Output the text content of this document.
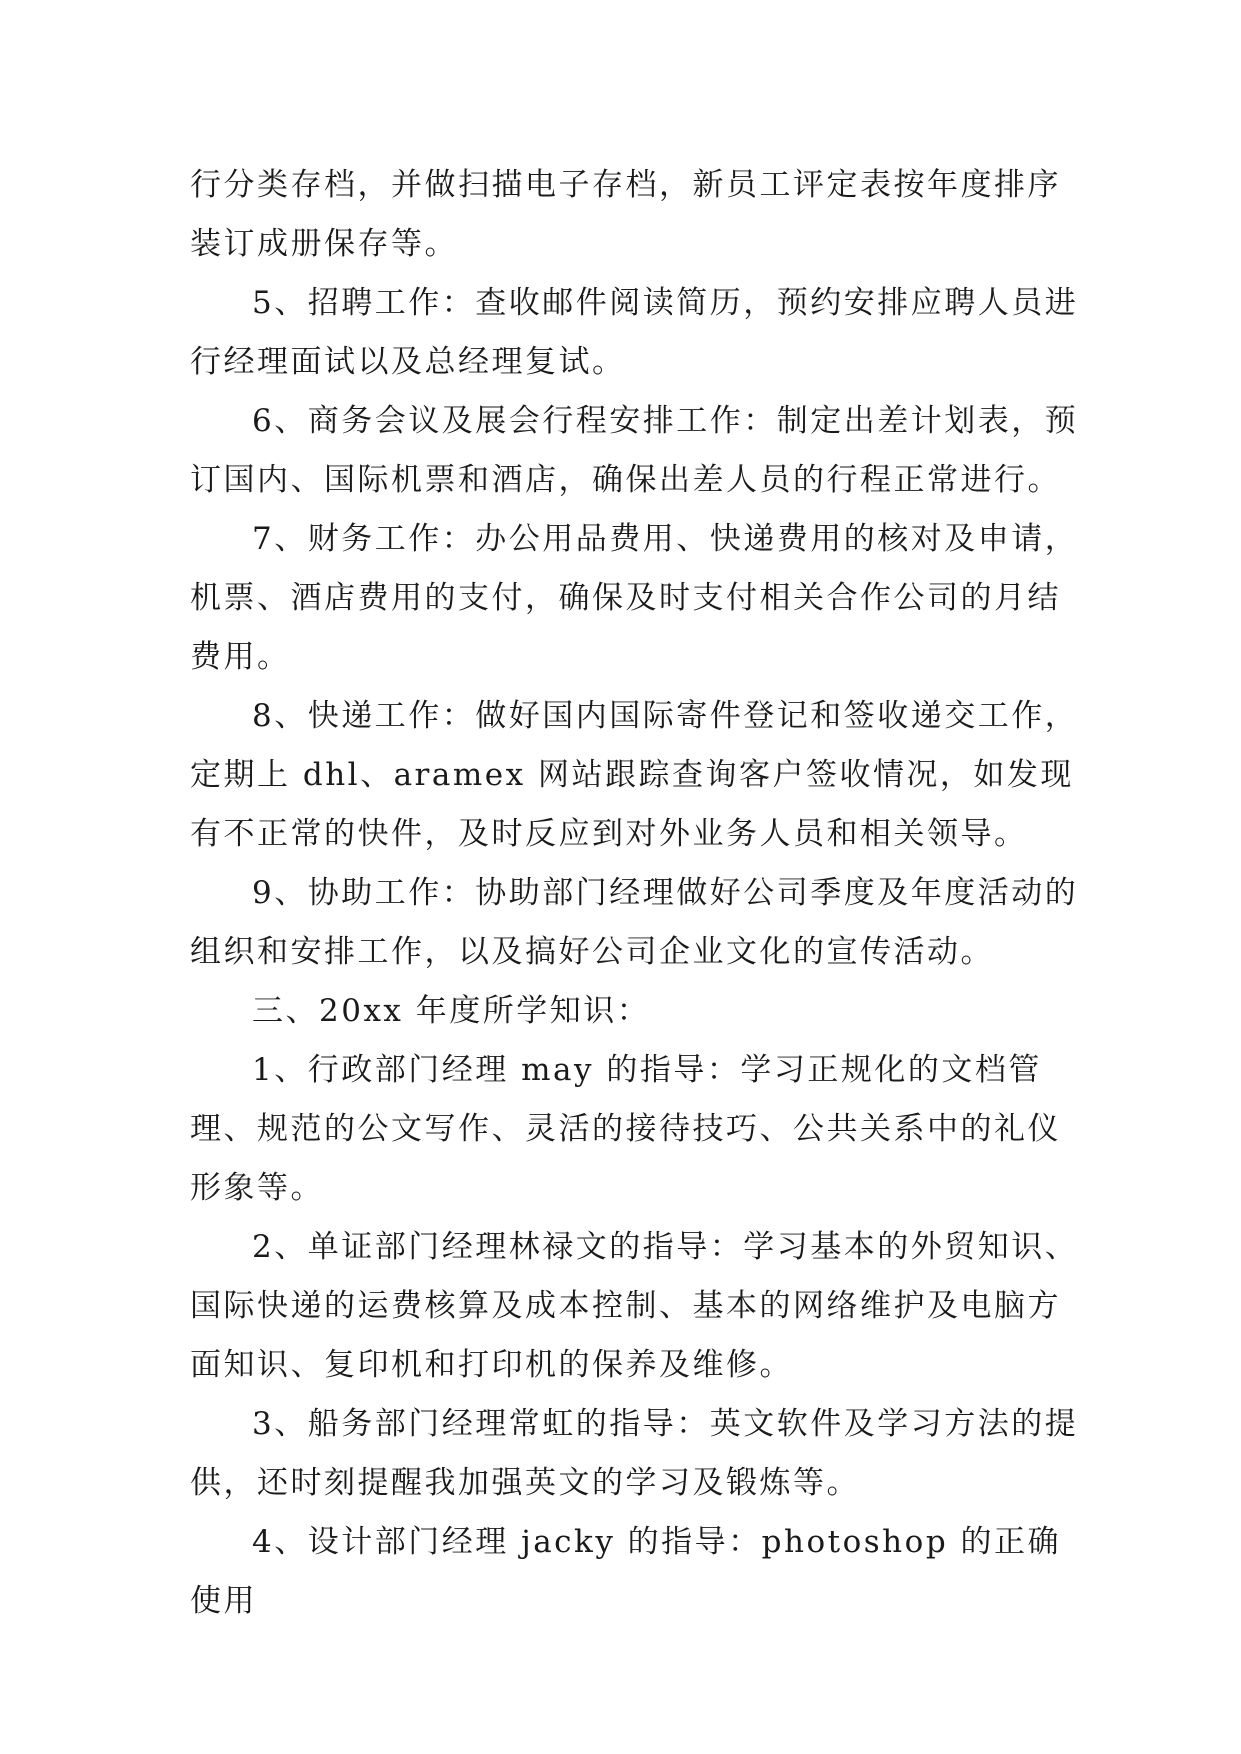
行分类存档，并做扫描电子存档，新员工评定表按年度排序装订成册保存等。

5、招聘工作：查收邮件阅读简历，预约安排应聘人员进行经理面试以及总经理复试。

6、商务会议及展会行程安排工作：制定出差计划表，预订国内、国际机票和酒店，确保出差人员的行程正常进行。

7、财务工作：办公用品费用、快递费用的核对及申请，机票、酒店费用的支付，确保及时支付相关合作公司的月结费用。

8、快递工作：做好国内国际寄件登记和签收递交工作，定期上 dhl、aramex 网站跟踪查询客户签收情况，如发现有不正常的快件，及时反应到对外业务人员和相关领导。

9、协助工作：协助部门经理做好公司季度及年度活动的组织和安排工作，以及搞好公司企业文化的宣传活动。

三、20xx 年度所学知识：

1、行政部门经理 may 的指导：学习正规化的文档管理、规范的公文写作、灵活的接待技巧、公共关系中的礼仪形象等。

2、单证部门经理林禄文的指导：学习基本的外贸知识、国际快递的运费核算及成本控制、基本的网络维护及电脑方面知识、复印机和打印机的保养及维修。

3、船务部门经理常虹的指导：英文软件及学习方法的提供，还时刻提醒我加强英文的学习及锻炼等。

4、设计部门经理 jacky 的指导：photoshop 的正确使用
